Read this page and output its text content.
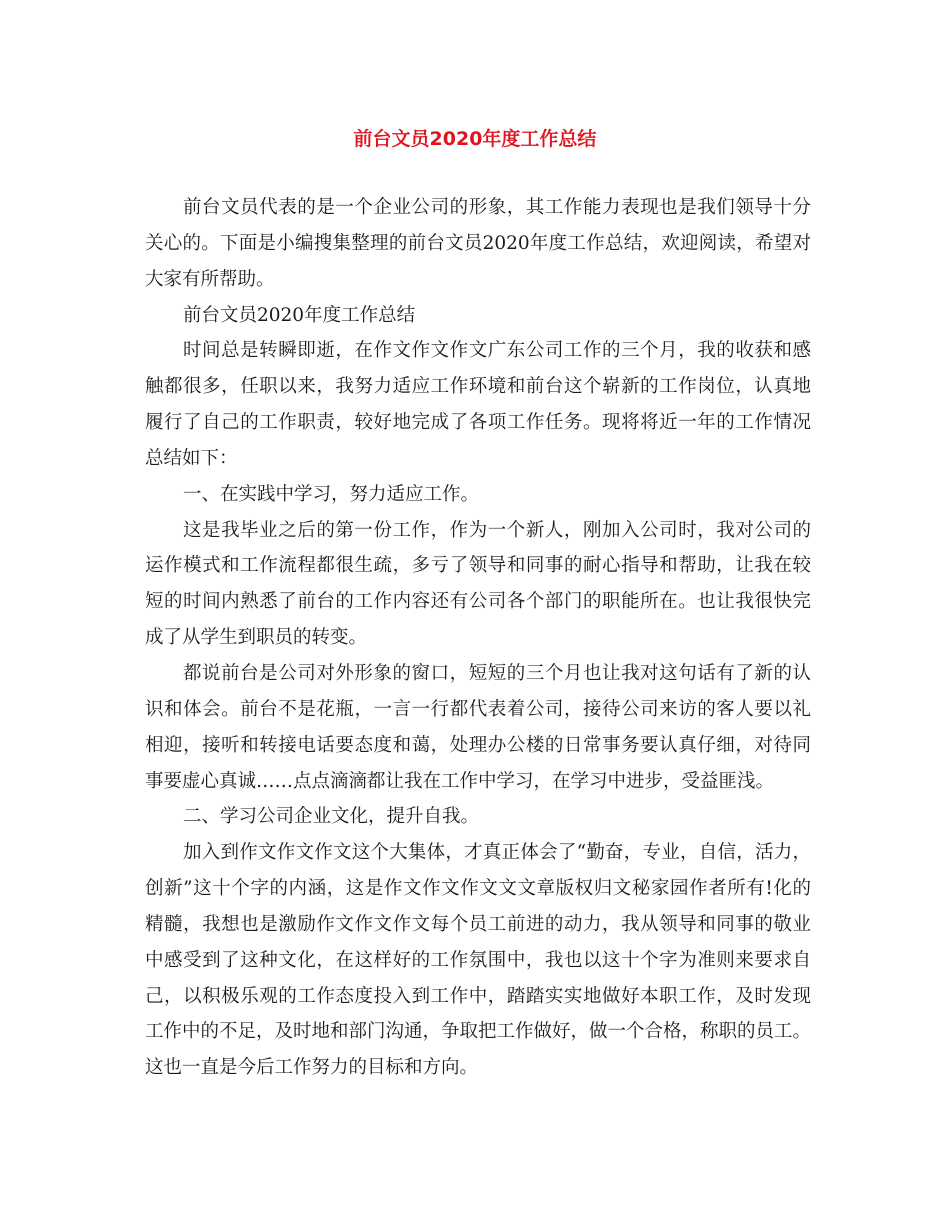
前台文员2020年度工作总结
前台文员代表的是一个企业公司的形象，其工作能力表现也是我们领导十分
关心的。下面是小编搜集整理的前台文员2020年度工作总结，欢迎阅读，希望对
大家有所帮助。
前台文员2020年度工作总结
时间总是转瞬即逝，在作文作文作文广东公司工作的三个月，我的收获和感
触都很多，任职以来，我努力适应工作环境和前台这个崭新的工作岗位，认真地
履行了自己的工作职责，较好地完成了各项工作任务。现将将近一年的工作情况
总结如下：
一、在实践中学习，努力适应工作。
这是我毕业之后的第一份工作，作为一个新人，刚加入公司时，我对公司的
运作模式和工作流程都很生疏，多亏了领导和同事的耐心指导和帮助，让我在较
短的时间内熟悉了前台的工作内容还有公司各个部门的职能所在。也让我很快完
成了从学生到职员的转变。
都说前台是公司对外形象的窗口，短短的三个月也让我对这句话有了新的认
识和体会。前台不是花瓶，一言一行都代表着公司，接待公司来访的客人要以礼
相迎，接听和转接电话要态度和蔼，处理办公楼的日常事务要认真仔细，对待同
事要虚心真诚……点点滴滴都让我在工作中学习，在学习中进步，受益匪浅。
二、学习公司企业文化，提升自我。
加入到作文作文作文这个大集体，才真正体会了“勤奋，专业，自信，活力，
创新”这十个字的内涵，这是作文作文作文文文章版权归文秘家园作者所有!化的
精髓，我想也是激励作文作文作文每个员工前进的动力，我从领导和同事的敬业
中感受到了这种文化，在这样好的工作氛围中，我也以这十个字为准则来要求自
己，以积极乐观的工作态度投入到工作中，踏踏实实地做好本职工作，及时发现
工作中的不足，及时地和部门沟通，争取把工作做好，做一个合格，称职的员工。
这也一直是今后工作努力的目标和方向。
